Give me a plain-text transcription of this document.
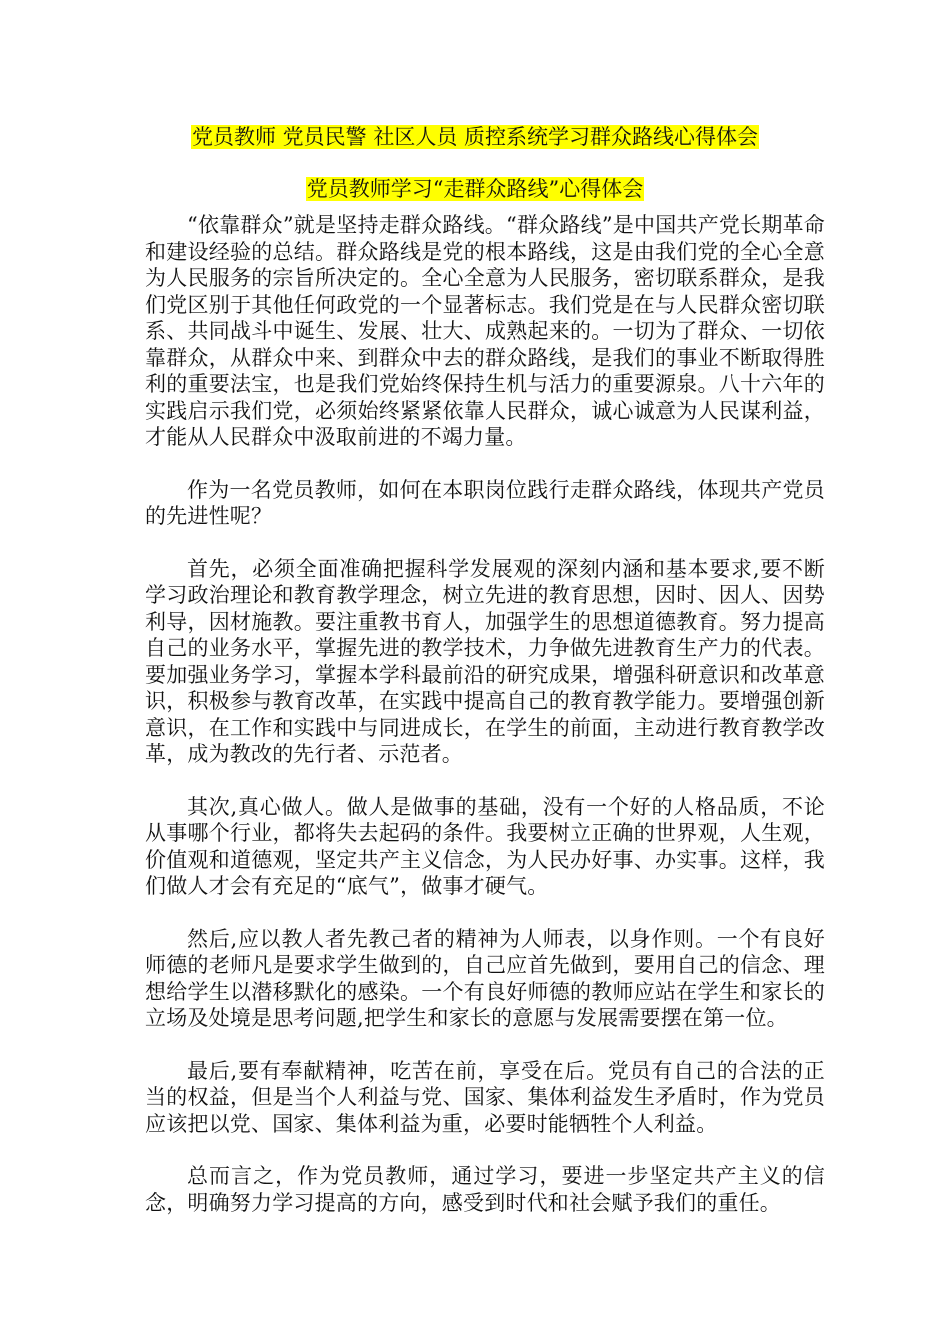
党员教师 党员民警 社区人员 质控系统学习群众路线心得体会
党员教师学习“走群众路线”心得体会

“依靠群众”就是坚持走群众路线。“群众路线”是中国共产党长期革命和建设经验的总结。群众路线是党的根本路线，这是由我们党的全心全意为人民服务的宗旨所决定的。全心全意为人民服务，密切联系群众，是我们党区别于其他任何政党的一个显著标志。我们党是在与人民群众密切联系、共同战斗中诞生、发展、壮大、成熟起来的。一切为了群众、一切依靠群众，从群众中来、到群众中去的群众路线，是我们的事业不断取得胜利的重要法宝，也是我们党始终保持生机与活力的重要源泉。八十六年的实践启示我们党，必须始终紧紧依靠人民群众，诚心诚意为人民谋利益，才能从人民群众中汲取前进的不竭力量。

作为一名党员教师，如何在本职岗位践行走群众路线，体现共产党员的先进性呢？

首先，必须全面准确把握科学发展观的深刻内涵和基本要求,要不断学习政治理论和教育教学理念，树立先进的教育思想，因时、因人、因势利导，因材施教。要注重教书育人，加强学生的思想道德教育。努力提高自己的业务水平，掌握先进的教学技术，力争做先进教育生产力的代表。要加强业务学习，掌握本学科最前沿的研究成果，增强科研意识和改革意识，积极参与教育改革，在实践中提高自己的教育教学能力。要增强创新意识，在工作和实践中与同进成长，在学生的前面，主动进行教育教学改革，成为教改的先行者、示范者。

其次,真心做人。做人是做事的基础，没有一个好的人格品质，不论从事哪个行业，都将失去起码的条件。我要树立正确的世界观，人生观，价值观和道德观，坚定共产主义信念，为人民办好事、办实事。这样，我们做人才会有充足的“底气”，做事才硬气。

然后,应以教人者先教己者的精神为人师表，以身作则。一个有良好师德的老师凡是要求学生做到的，自己应首先做到，要用自己的信念、理想给学生以潜移默化的感染。一个有良好师德的教师应站在学生和家长的立场及处境是思考问题,把学生和家长的意愿与发展需要摆在第一位。

最后,要有奉献精神，吃苦在前，享受在后。党员有自己的合法的正当的权益，但是当个人利益与党、国家、集体利益发生矛盾时，作为党员应该把以党、国家、集体利益为重，必要时能牺牲个人利益。

总而言之，作为党员教师，通过学习，要进一步坚定共产主义的信念，明确努力学习提高的方向，感受到时代和社会赋予我们的重任。
